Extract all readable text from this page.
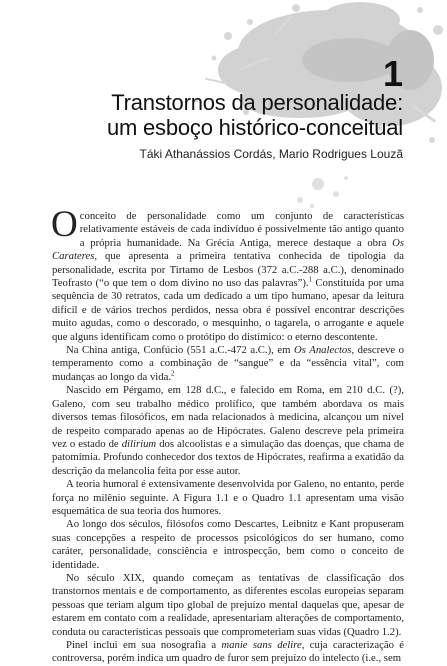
1
Transtornos da personalidade:
um esboço histórico-conceitual
Táki Athanássios Cordás, Mario Rodrigues Louzã

Oconceito de personalidade como um conjunto de características relativamente estáveis de cada indivíduo é possivelmente tão antigo quanto a própria humanidade. Na Grécia Antiga, merece destaque a obra Os Carateres, que apresenta a primeira tentativa conhecida de tipologia da personalidade, escrita por Tirtamo de Lesbos (372 a.C.-288 a.C.), denominado Teofrasto (“o que tem o dom divino no uso das palavras”).$^1$ Constituída por uma sequência de 30 retratos, cada um dedicado a um tipo humano, apesar da leitura difícil e de vários trechos perdidos, nessa obra é possível encontrar descrições muito agudas, como o descorado, o mesquinho, o tagarela, o arrogante e aquele que alguns identificam como o protótipo do distímico: o eterno descontente.

Na China antiga, Confúcio (551 a.C.-472 a.C.), em Os Analectos, descreve o temperamento como a combinação de “sangue” e da “essência vital”, com mudanças ao longo da vida.$^2$

Nascido em Pérgamo, em 128 d.C., e falecido em Roma, em 210 d.C. (?), Galeno, com seu trabalho médico prolífico, que também abordava os mais diversos temas filosóficos, em nada relacionados à medicina, alcançou um nível de respeito comparado apenas ao de Hipócrates. Galeno descreve pela primeira vez o estado de dilirium dos alcoolistas e a simulação das doenças, que chama de patomímia. Profundo conhecedor dos textos de Hipócrates, reafirma a exatidão da descrição da melancolia feita por esse autor.

A teoria humoral é extensivamente desenvolvida por Galeno, no entanto, perde força no milênio seguinte. A Figura 1.1 e o Quadro 1.1 apresentam uma visão esquemática de sua teoria dos humores.

Ao longo dos séculos, filósofos como Descartes, Leibnitz e Kant propuseram suas concepções a respeito de processos psicológicos do ser humano, como caráter, personalidade, consciência e introspecção, bem como o conceito de identidade.

No século XIX, quando começam as tentativas de classificação dos transtornos mentais e de comportamento, as diferentes escolas europeias separam pessoas que teriam algum tipo global de prejuízo mental daquelas que, apesar de estarem em contato com a realidade, apresentariam alterações de comportamento, conduta ou características pessoais que comprometeriam suas vidas (Quadro 1.2).

Pinel inclui em sua nosografia a manie sans delire, cuja caracterização é controversa, porém indica um quadro de furor sem prejuízo do intelecto (i.e., sem
